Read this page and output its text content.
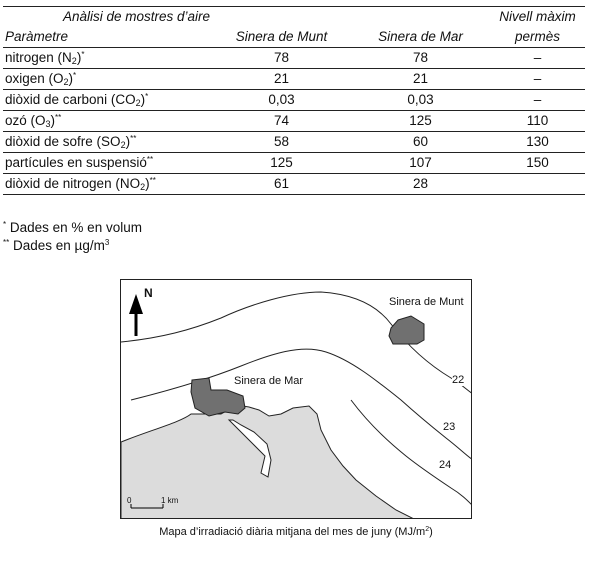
Anàlisi de mostres d’aire			Nivell màxim
Paràmetre	Sinera de Munt	Sinera de Mar	permès
nitrogen $(N_2)^*$	78	78	–
oxigen $(O_2)^*$	21	21	–
diòxid de carboni $(CO_2)^*$	0,03	0,03	–
ozó $(O_3)^{**}$	74	125	110
diòxid de sofre $(SO_2)^{**}$	58	60	130
partícules en suspensió**	125	107	150
diòxid de nitrogen $(NO_2)^{**}$	61	28	
* Dades en % en volum
** Dades en $\mu g/m^3$
N
Sinera de Munt
Sinera de Mar	22
23
24
0	1 km
Mapa d’irradiació diària mitjana del mes de juny $(MJ/m^2)$
